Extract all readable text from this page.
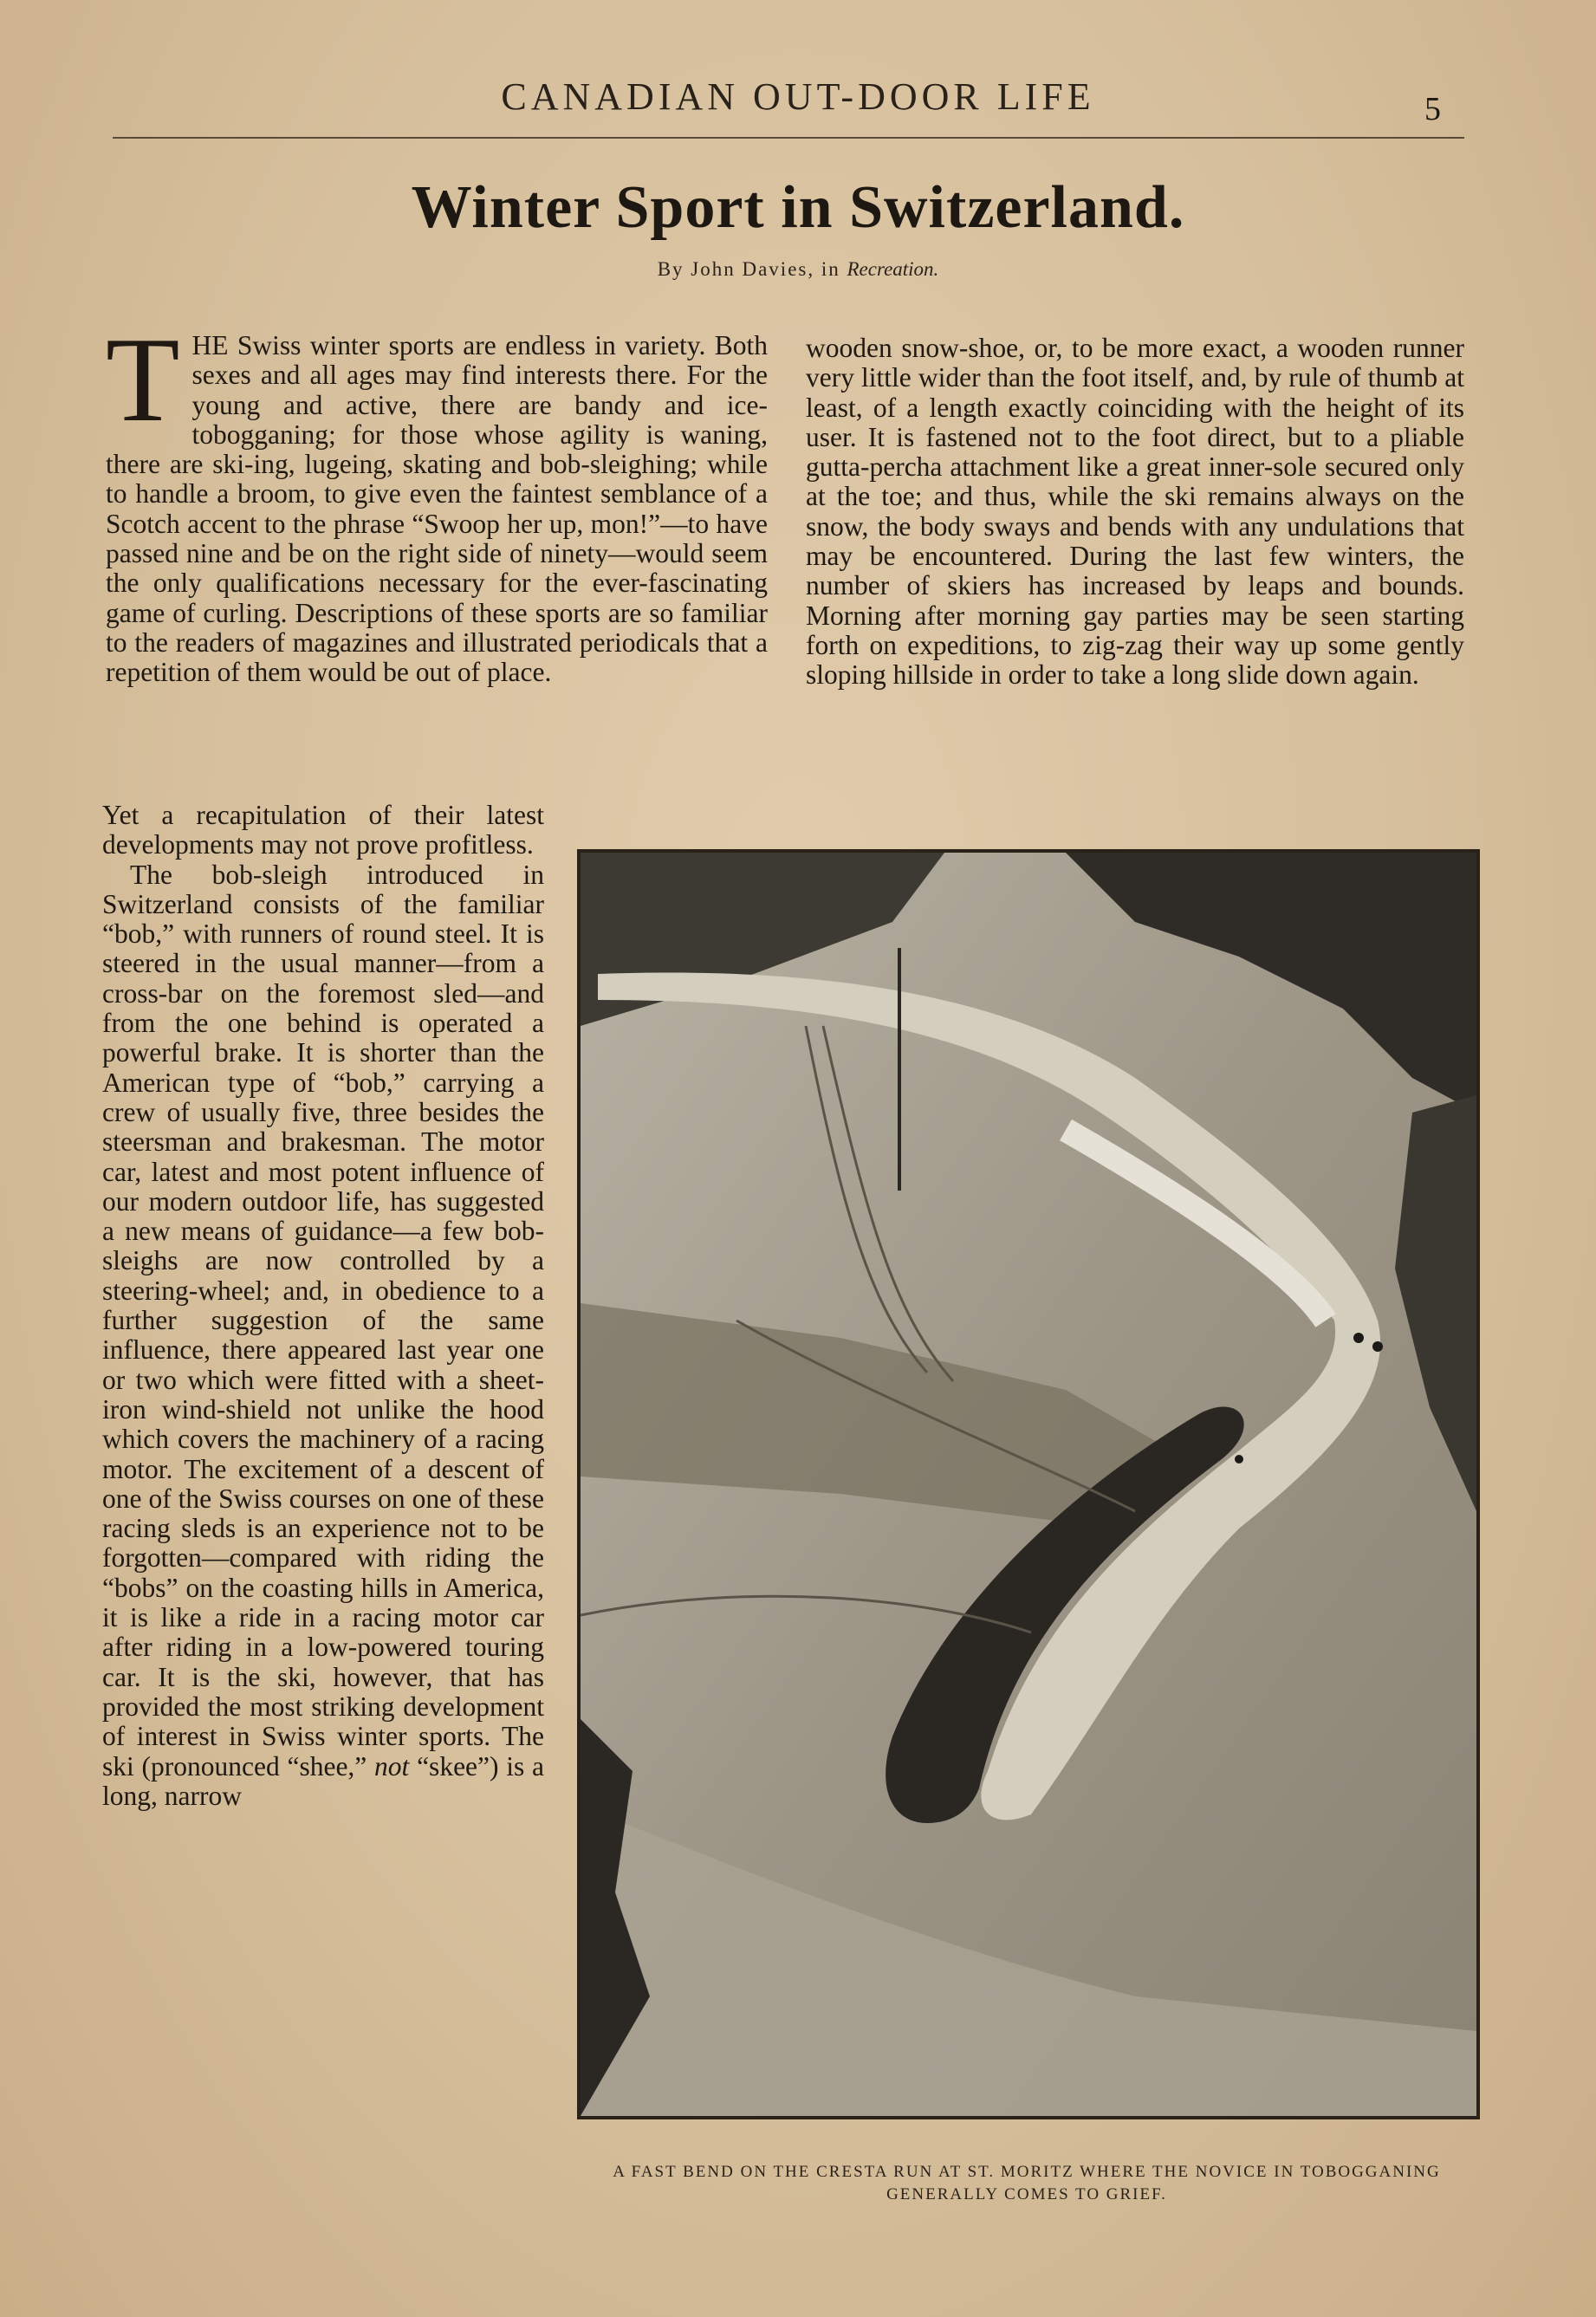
CANADIAN OUT-DOOR LIFE	5
Winter Sport in Switzerland.
By John Davies, in Recreation.

THE Swiss winter sports are endless in variety. Both sexes and all ages may find interests there. For the young and active, there are bandy and ice-tobogganing; for those whose agility is waning, there are ski-ing, lugeing, skating and bob-sleighing; while to handle a broom, to give even the faintest semblance of a Scotch accent to the phrase “Swoop her up, mon!”—to have passed nine and be on the right side of ninety—would seem the only qualifications necessary for the ever-fascinating game of curling. Descriptions of these sports are so familiar to the readers of magazines and illustrated periodicals that a repetition of them would be out of place.

wooden snow-shoe, or, to be more exact, a wooden runner very little wider than the foot itself, and, by rule of thumb at least, of a length exactly coinciding with the height of its user. It is fastened not to the foot direct, but to a pliable gutta-percha attachment like a great inner-sole secured only at the toe; and thus, while the ski remains always on the snow, the body sways and bends with any undulations that may be encountered. During the last few winters, the number of skiers has increased by leaps and bounds. Morning after morning gay parties may be seen starting forth on expeditions, to zig-zag their way up some gently sloping hillside in order to take a long slide down again.

Yet a recapitulation of their latest developments may not prove profitless.

The bob-sleigh introduced in Switzerland consists of the familiar “bob,” with runners of round steel. It is steered in the usual manner—from a cross-bar on the foremost sled—and from the one behind is operated a powerful brake. It is shorter than the American type of “bob,” carrying a crew of usually five, three besides the steersman and brakesman. The motor car, latest and most potent influence of our modern outdoor life, has suggested a new means of guidance—a few bob-sleighs are now controlled by a steering-wheel; and, in obedience to a further suggestion of the same influence, there appeared last year one or two which were fitted with a sheet-iron wind-shield not unlike the hood which covers the machinery of a racing motor. The excitement of a descent of one of the Swiss courses on one of these racing sleds is an experience not to be forgotten—compared with riding the “bobs” on the coasting hills in America, it is like a ride in a racing motor car after riding in a low-powered touring car. It is the ski, however, that has provided the most striking development of interest in Swiss winter sports. The ski (pronounced “shee,” not “skee”) is a long, narrow

A FAST BEND ON THE CRESTA RUN AT ST. MORITZ WHERE THE NOVICE IN TOBOGGANING GENERALLY COMES TO GRIEF.
